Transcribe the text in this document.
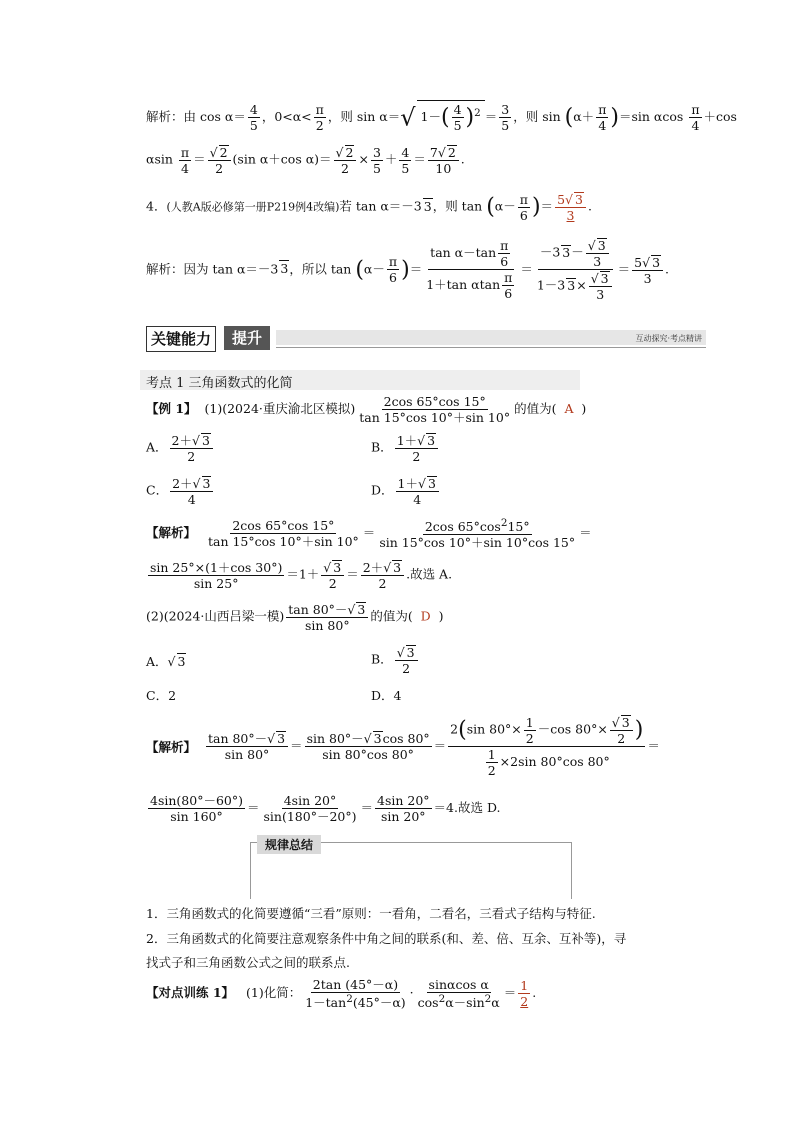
解析：由 $\cos \alpha= \frac{4}{5}$ ，$0<\alpha< \frac{\pi}{2}$ ，则 sin α＝√ $1-( \frac{4}{5} )^2 = \frac{3}{5}$ ，则 $\sin (\alpha+ \frac{\pi}{4} )=\sin$ αcos $\frac{\pi}{4} +\cos$
αsin $\frac{\pi}{4} = \frac{√ 2}{2} (\sin$ α＋cos $\alpha)= \frac{√ 2}{2} \times \frac{3}{5} + \frac{4}{5} = \frac{7√ 2}{10}$ .
4．(人教A版必修第一册P219例4改编)若 tan α＝－3 3，则 $\tan (\alpha- \frac{\pi}{6}$ )＝ $\frac{5√ 3}{3}$ .
解析：因为 tan α＝－3 3，所以 $\tan (\alpha- \frac{\pi}{6}$ )＝ $\frac{\tan \alpha-\tan \frac{\pi}{6}}{1+\tan \alpha\tan \frac{\pi}{6}} = \frac{-3 3- \frac{√ 3}{3}}{1-3 3\times \frac{√ 3}{3}} = \frac{5√ 3}{3}$ .
关键能力	提升	互动探究·考点精讲
考点 1 三角函数式的化简
【例 1】 (1)(2024·重庆渝北区模拟) $\frac{2\cos 65^\circ\cos 15^\circ}{\tan 15^\circ\cos 10^\circ+\sin 10^\circ}$ 的值为( A )
A． $\frac{2+√ 3}{2}$	B． $\frac{1+√ 3}{2}$
C． $\frac{2+√ 3}{4}$	D． $\frac{1+√ 3}{4}$
【解析】 $\frac{2\cos 65^\circ\cos 15^\circ}{\tan 15^\circ\cos 10^\circ+\sin 10^\circ} = \frac{2\cos 65^\circ\cos^215^\circ}{\sin 15^\circ\cos 10^\circ+\sin 10^\circ\cos 15^\circ}$ ＝
$\frac{\sin 25^\circ\times(1+\cos 30^\circ)}{\sin 25^\circ} =1+ \frac{√ 3}{2} = \frac{2+√ 3}{2}$ .故选 A.
(2)(2024·山西吕梁一模) $\frac{\tan 80^\circ-√ 3}{\sin 80^\circ}$ 的值为( D )
A．√ 3	B． $\frac{√ 3}{2}$
C．2	D．4
【解析】 $\frac{\tan 80^\circ-√ 3}{\sin 80^\circ} = \frac{\sin 80^\circ-√ 3\cos 80^\circ}{\sin 80^\circ\cos 80^\circ} = \frac{2(\sin 80^\circ\times \frac{1}{2} -\cos 80^\circ\times \frac{√ 3}{2} )}{\frac{1}{2} \times 2\sin 80^\circ\cos 80^\circ}$ ＝
$\frac{4\sin(80^\circ-60^\circ)}{\sin 160^\circ} = \frac{4\sin 20^\circ}{\sin(180^\circ-20^\circ)} = \frac{4\sin 20^\circ}{\sin 20^\circ} =4$.故选 D.
规律总结
1．三角函数式的化简要遵循“三看”原则：一看角，二看名，三看式子结构与特征.
2．三角函数式的化简要注意观察条件中角之间的联系(和、差、倍、互余、互补等)，寻
找式子和三角函数公式之间的联系点.
【对点训练 1】 (1)化简： $\frac{2\tan (45^\circ-\alpha)}{1-\tan^2(45^\circ-\alpha)} \cdot \frac{\text{sinαcos α}}{\cos^2\alpha-\sin^2\alpha} = \frac{1}{2}$ .
